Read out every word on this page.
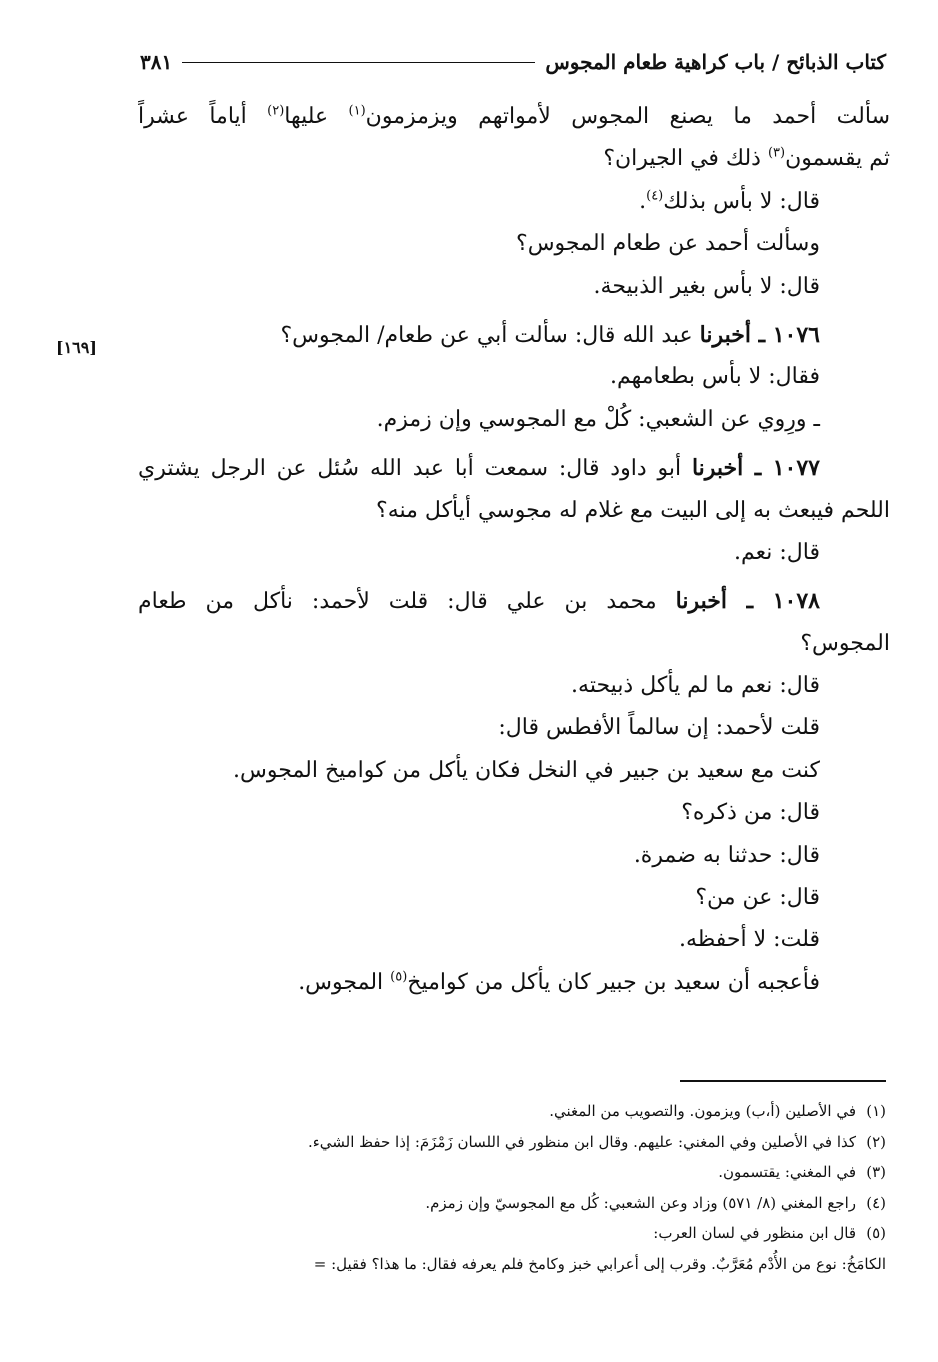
كتاب الذبائح / باب كراهية طعام المجوس
٣٨١
[١٦٩]
سألت أحمد ما يصنع المجوس لأمواتهم ويزمزمون$^{(١)}$ عليها$^{(٢)}$ أياماً عشراً
ثم يقسمون$^{(٣)}$ ذلك في الجيران؟
قال: لا بأس بذلك$^{(٤)}$.
وسألت أحمد عن طعام المجوس؟
قال: لا بأس بغير الذبيحة.
١٠٧٦ ـ أخبرنا عبد الله قال: سألت أبي عن طعام/ المجوس؟
فقال: لا بأس بطعامهم.
ـ ورِوي عن الشعبي: كُلْ مع المجوسي وإن زمزم.
١٠٧٧ ـ أخبرنا أبو داود قال: سمعت أبا عبد الله سُئل عن الرجل يشتري
اللحم فيبعث به إلى البيت مع غلام له مجوسي أيأكل منه؟
قال: نعم.
١٠٧٨ ـ أخبرنا محمد بن علي قال: قلت لأحمد: نأكل من طعام
المجوس؟
قال: نعم ما لم يأكل ذبيحته.
قلت لأحمد: إن سالماً الأفطس قال:
كنت مع سعيد بن جبير في النخل فكان يأكل من كواميخ المجوس.
قال: من ذكره؟
قال: حدثنا به ضمرة.
قال: عن من؟
قلت: لا أحفظه.
فأعجبه أن سعيد بن جبير كان يأكل من كواميخ$^{(٥)}$ المجوس.
(١)في الأصلين (أ،ب) ويزمون. والتصويب من المغني.
(٢)كذا في الأصلين وفي المغني: عليهم. وقال ابن منظور في اللسان زَمْزَمَ: إذا حفظ الشيء.
(٣)في المغني: يقتسمون.
(٤)راجع المغني (٨/ ٥٧١) وزاد وعن الشعبي: كُل مع المجوسيّ وإن زمزم.
(٥)قال ابن منظور في لسان العرب:
الكامَخُ: نوع من الأُدْم مُعَرَّبٌ. وقرب إلى أعرابي خبز وكامخ فلم يعرفه فقال: ما هذا؟ فقيل: =
